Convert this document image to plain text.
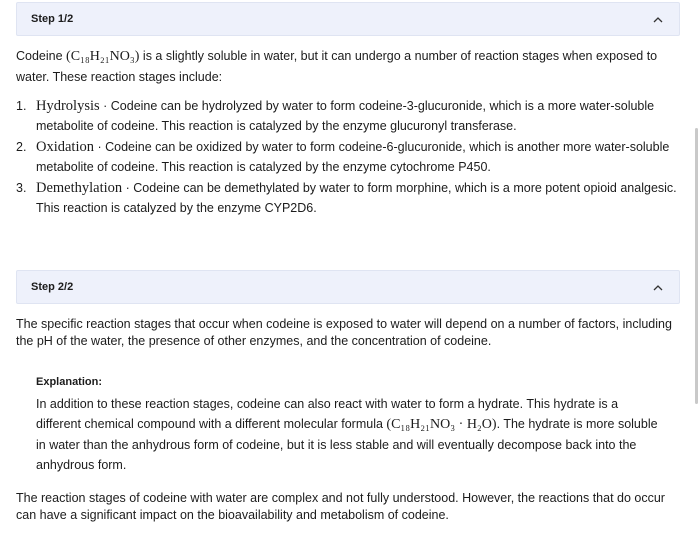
Step 1/2
Codeine (C₁₈H₂₁NO₃) is a slightly soluble in water, but it can undergo a number of reaction stages when exposed to water. These reaction stages include:
1. Hydrolysis · Codeine can be hydrolyzed by water to form codeine-3-glucuronide, which is a more water-soluble metabolite of codeine. This reaction is catalyzed by the enzyme glucuronyl transferase.
2. Oxidation · Codeine can be oxidized by water to form codeine-6-glucuronide, which is another more water-soluble metabolite of codeine. This reaction is catalyzed by the enzyme cytochrome P450.
3. Demethylation · Codeine can be demethylated by water to form morphine, which is a more potent opioid analgesic. This reaction is catalyzed by the enzyme CYP2D6.
Step 2/2
The specific reaction stages that occur when codeine is exposed to water will depend on a number of factors, including the pH of the water, the presence of other enzymes, and the concentration of codeine.
Explanation:
In addition to these reaction stages, codeine can also react with water to form a hydrate. This hydrate is a different chemical compound with a different molecular formula (C₁₈H₂₁NO₃ · H₂O). The hydrate is more soluble in water than the anhydrous form of codeine, but it is less stable and will eventually decompose back into the anhydrous form.
The reaction stages of codeine with water are complex and not fully understood. However, the reactions that do occur can have a significant impact on the bioavailability and metabolism of codeine.
